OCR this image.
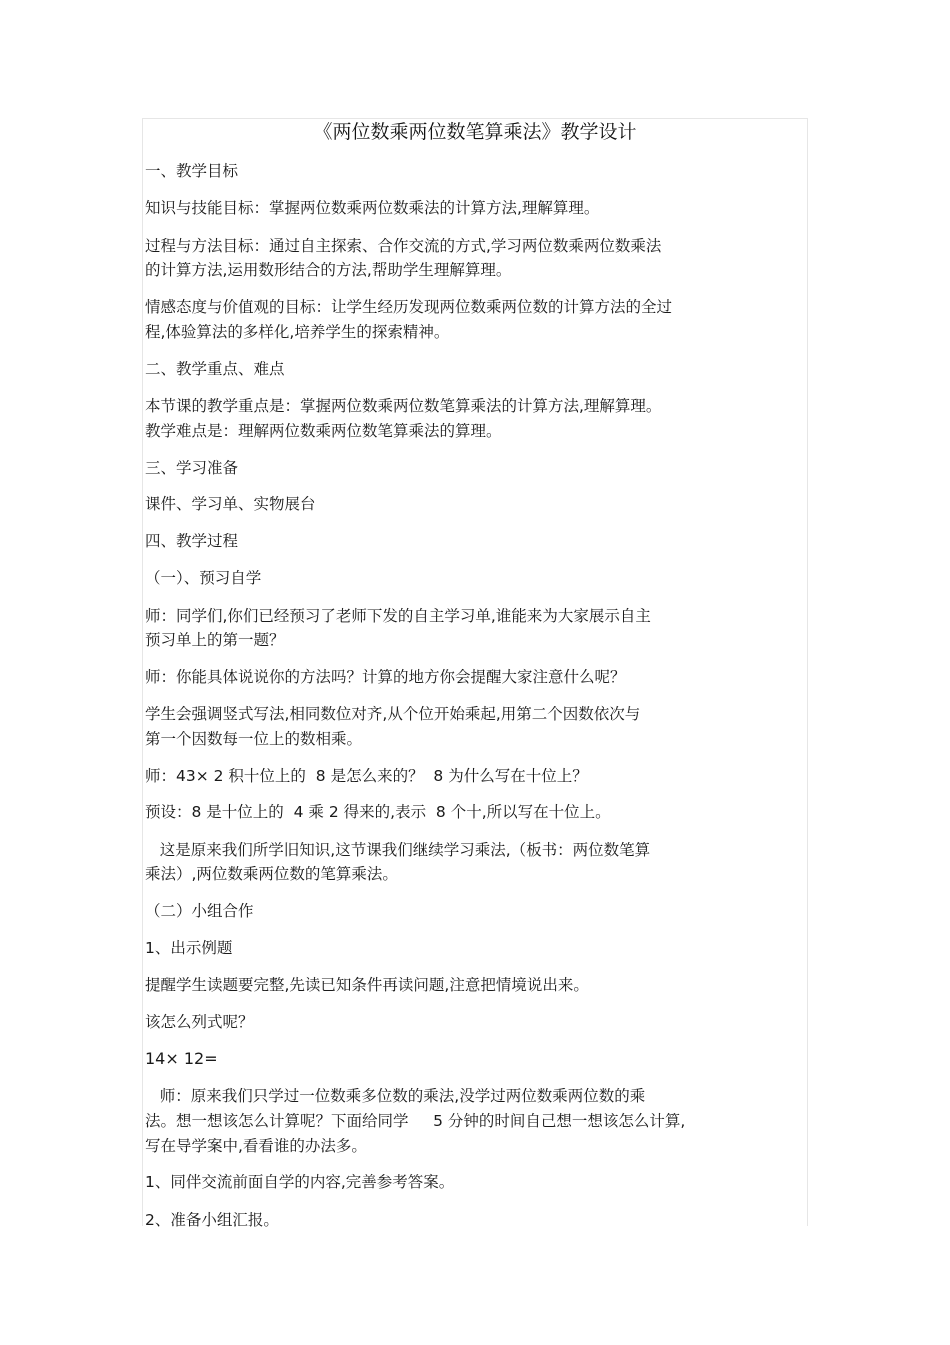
《两位数乘两位数笔算乘法》教学设计
一、教学目标
知识与技能目标：掌握两位数乘两位数乘法的计算方法,理解算理。
过程与方法目标：通过自主探索、合作交流的方式,学习两位数乘两位数乘法
的计算方法,运用数形结合的方法,帮助学生理解算理。
情感态度与价值观的目标：让学生经历发现两位数乘两位数的计算方法的全过
程,体验算法的多样化,培养学生的探索精神。
二、教学重点、难点
本节课的教学重点是：掌握两位数乘两位数笔算乘法的计算方法,理解算理。
教学难点是：理解两位数乘两位数笔算乘法的算理。
三、学习准备
课件、学习单、实物展台
四、教学过程
（一）、预习自学
师：同学们,你们已经预习了老师下发的自主学习单,谁能来为大家展示自主
预习单上的第一题？
师：你能具体说说你的方法吗？计算的地方你会提醒大家注意什么呢？
学生会强调竖式写法,相同数位对齐,从个位开始乘起,用第二个因数依次与
第一个因数每一位上的数相乘。
师：43× 2 积十位上的  8 是怎么来的？  8 为什么写在十位上？
预设：8 是十位上的  4 乘 2 得来的,表示  8 个十,所以写在十位上。
这是原来我们所学旧知识,这节课我们继续学习乘法,（板书：两位数笔算
乘法）,两位数乘两位数的笔算乘法。
（二）小组合作
1、出示例题
提醒学生读题要完整,先读已知条件再读问题,注意把情境说出来。
该怎么列式呢？
14× 12=
师：原来我们只学过一位数乘多位数的乘法,没学过两位数乘两位数的乘
法。想一想该怎么计算呢？下面给同学     5 分钟的时间自己想一想该怎么计算,
写在导学案中,看看谁的办法多。
1、同伴交流前面自学的内容,完善参考答案。
2、准备小组汇报。
